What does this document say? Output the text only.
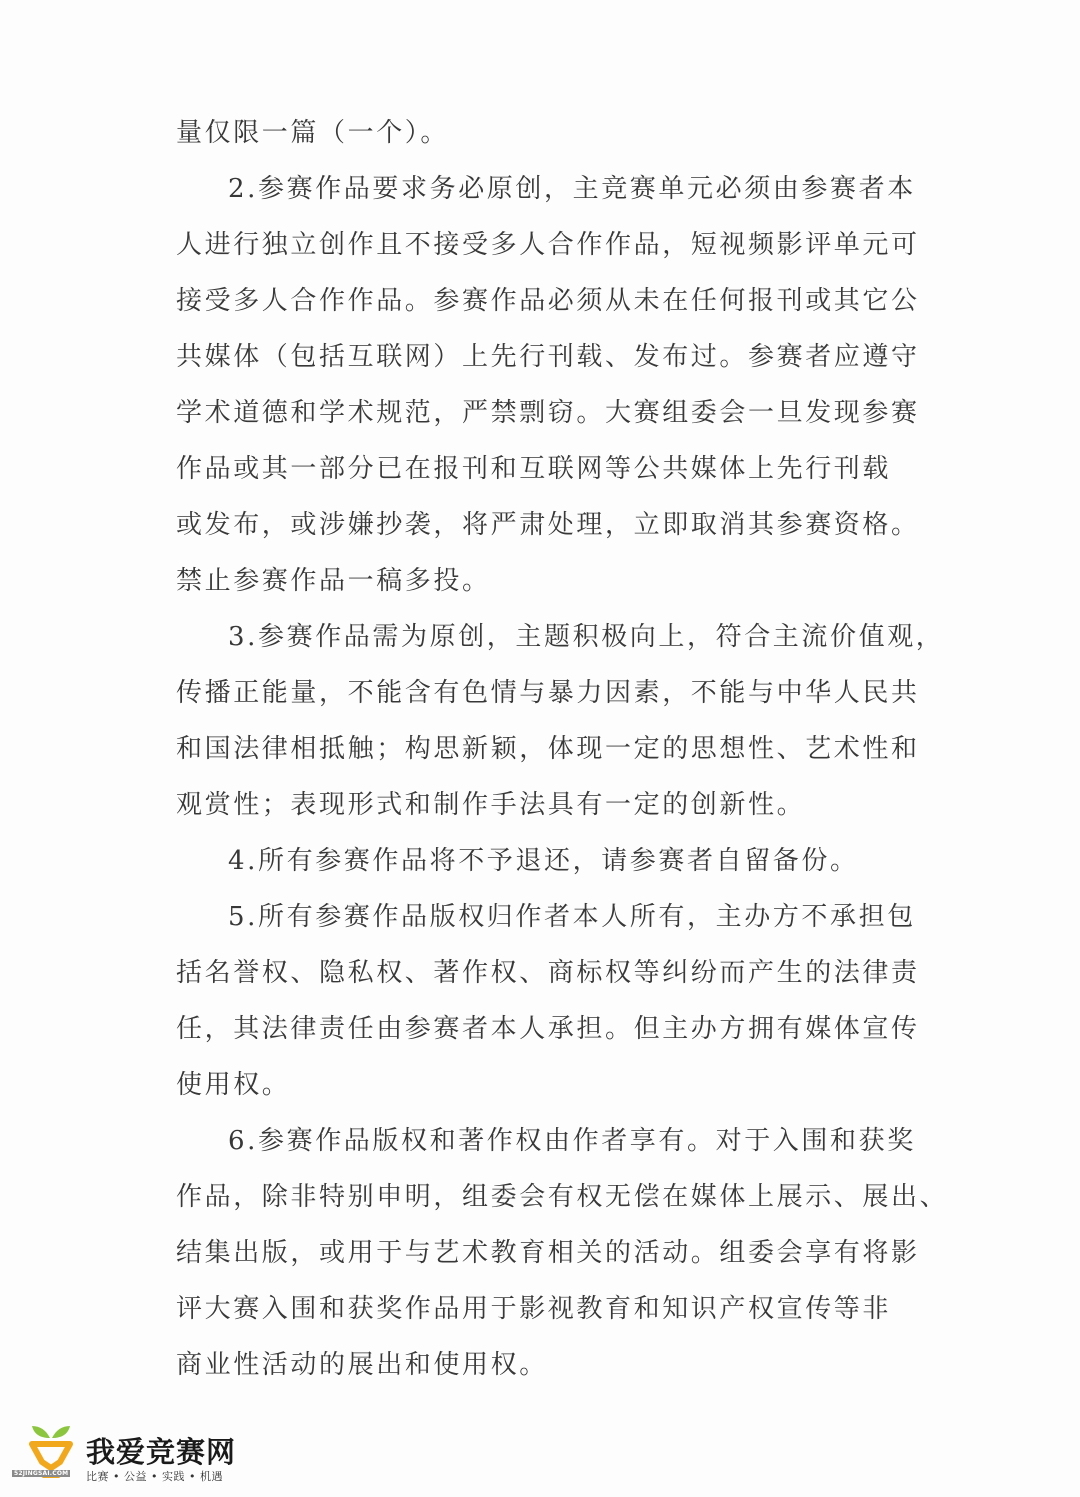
量仅限一篇（一个）。
2.参赛作品要求务必原创，主竞赛单元必须由参赛者本
人进行独立创作且不接受多人合作作品，短视频影评单元可
接受多人合作作品。参赛作品必须从未在任何报刊或其它公
共媒体（包括互联网）上先行刊载、发布过。参赛者应遵守
学术道德和学术规范，严禁剽窃。大赛组委会一旦发现参赛
作品或其一部分已在报刊和互联网等公共媒体上先行刊载
或发布，或涉嫌抄袭，将严肃处理，立即取消其参赛资格。
禁止参赛作品一稿多投。
3.参赛作品需为原创，主题积极向上，符合主流价值观，
传播正能量，不能含有色情与暴力因素，不能与中华人民共
和国法律相抵触；构思新颖，体现一定的思想性、艺术性和
观赏性；表现形式和制作手法具有一定的创新性。
4.所有参赛作品将不予退还，请参赛者自留备份。
5.所有参赛作品版权归作者本人所有，主办方不承担包
括名誉权、隐私权、著作权、商标权等纠纷而产生的法律责
任，其法律责任由参赛者本人承担。但主办方拥有媒体宣传
使用权。
6.参赛作品版权和著作权由作者享有。对于入围和获奖
作品，除非特别申明，组委会有权无偿在媒体上展示、展出、
结集出版，或用于与艺术教育相关的活动。组委会享有将影
评大赛入围和获奖作品用于影视教育和知识产权宣传等非
商业性活动的展出和使用权。
52JINGSAI.COM
我爱竞赛网
比赛 • 公益 • 实践 • 机遇
